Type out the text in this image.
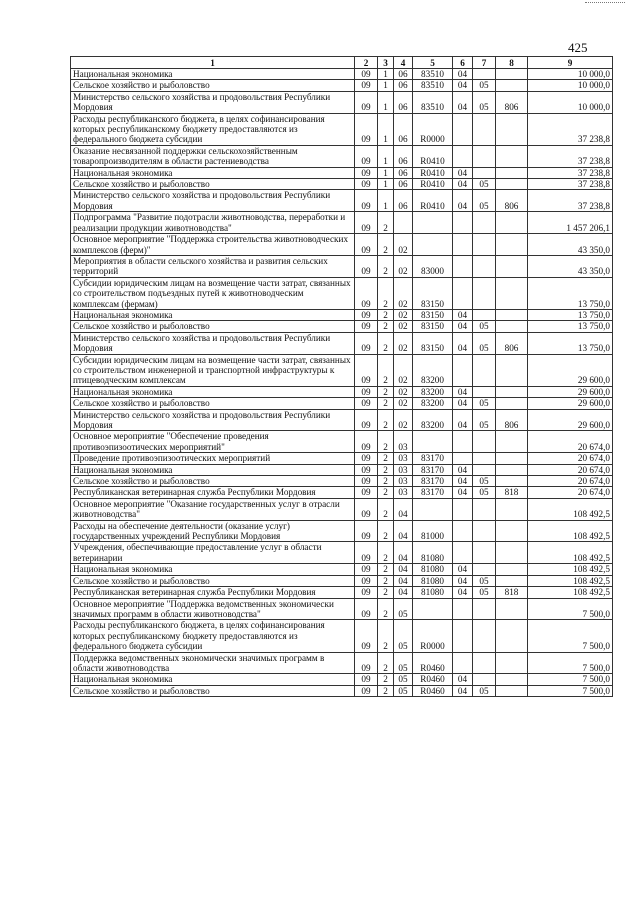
425
1	2	3	4	5	6	7	8	9
Национальная экономика	09	1	06	83510	04			10 000,0
Сельское хозяйство и рыболовство	09	1	06	83510	04	05		10 000,0
Министерство сельского хозяйства и продовольствия Республики Мордовия	09	1	06	83510	04	05	806	10 000,0
Расходы республиканского бюджета, в целях софинансирования которых республиканскому бюджету предоставляются из федерального бюджета субсидии	09	1	06	R0000				37 238,8
Оказание несвязанной поддержки сельскохозяйственным товаропроизводителям в области растениеводства	09	1	06	R0410				37 238,8
Национальная экономика	09	1	06	R0410	04			37 238,8
Сельское хозяйство и рыболовство	09	1	06	R0410	04	05		37 238,8
Министерство сельского хозяйства и продовольствия Республики Мордовия	09	1	06	R0410	04	05	806	37 238,8
Подпрограмма "Развитие подотрасли животноводства, переработки и реализации продукции животноводства"	09	2						1 457 206,1
Основное мероприятие "Поддержка строительства животноводческих комплексов (ферм)"	09	2	02					43 350,0
Мероприятия в области сельского хозяйства и развития сельских территорий	09	2	02	83000				43 350,0
Субсидии юридическим лицам на возмещение части затрат, связанных со строительством подъездных путей к животноводческим комплексам (фермам)	09	2	02	83150				13 750,0
Национальная экономика	09	2	02	83150	04			13 750,0
Сельское хозяйство и рыболовство	09	2	02	83150	04	05		13 750,0
Министерство сельского хозяйства и продовольствия Республики Мордовия	09	2	02	83150	04	05	806	13 750,0
Субсидии юридическим лицам на возмещение части затрат, связанных со строительством инженерной и транспортной инфраструктуры к птицеводческим комплексам	09	2	02	83200				29 600,0
Национальная экономика	09	2	02	83200	04			29 600,0
Сельское хозяйство и рыболовство	09	2	02	83200	04	05		29 600,0
Министерство сельского хозяйства и продовольствия Республики Мордовия	09	2	02	83200	04	05	806	29 600,0
Основное мероприятие "Обеспечение проведения противоэпизоотических мероприятий"	09	2	03					20 674,0
Проведение противоэпизоотических мероприятий	09	2	03	83170				20 674,0
Национальная экономика	09	2	03	83170	04			20 674,0
Сельское хозяйство и рыболовство	09	2	03	83170	04	05		20 674,0
Республиканская ветеринарная служба Республики Мордовия	09	2	03	83170	04	05	818	20 674,0
Основное мероприятие "Оказание государственных услуг в отрасли животноводства"	09	2	04					108 492,5
Расходы на обеспечение деятельности (оказание услуг) государственных учреждений Республики Мордовия	09	2	04	81000				108 492,5
Учреждения, обеспечивающие предоставление услуг в области ветеринарии	09	2	04	81080				108 492,5
Национальная экономика	09	2	04	81080	04			108 492,5
Сельское хозяйство и рыболовство	09	2	04	81080	04	05		108 492,5
Республиканская ветеринарная служба Республики Мордовия	09	2	04	81080	04	05	818	108 492,5
Основное мероприятие "Поддержка ведомственных экономически значимых программ в области животноводства"	09	2	05					7 500,0
Расходы республиканского бюджета, в целях софинансирования которых республиканскому бюджету предоставляются из федерального бюджета субсидии	09	2	05	R0000				7 500,0
Поддержка ведомственных экономически значимых программ в области животноводства	09	2	05	R0460				7 500,0
Национальная экономика	09	2	05	R0460	04			7 500,0
Сельское хозяйство и рыболовство	09	2	05	R0460	04	05		7 500,0
